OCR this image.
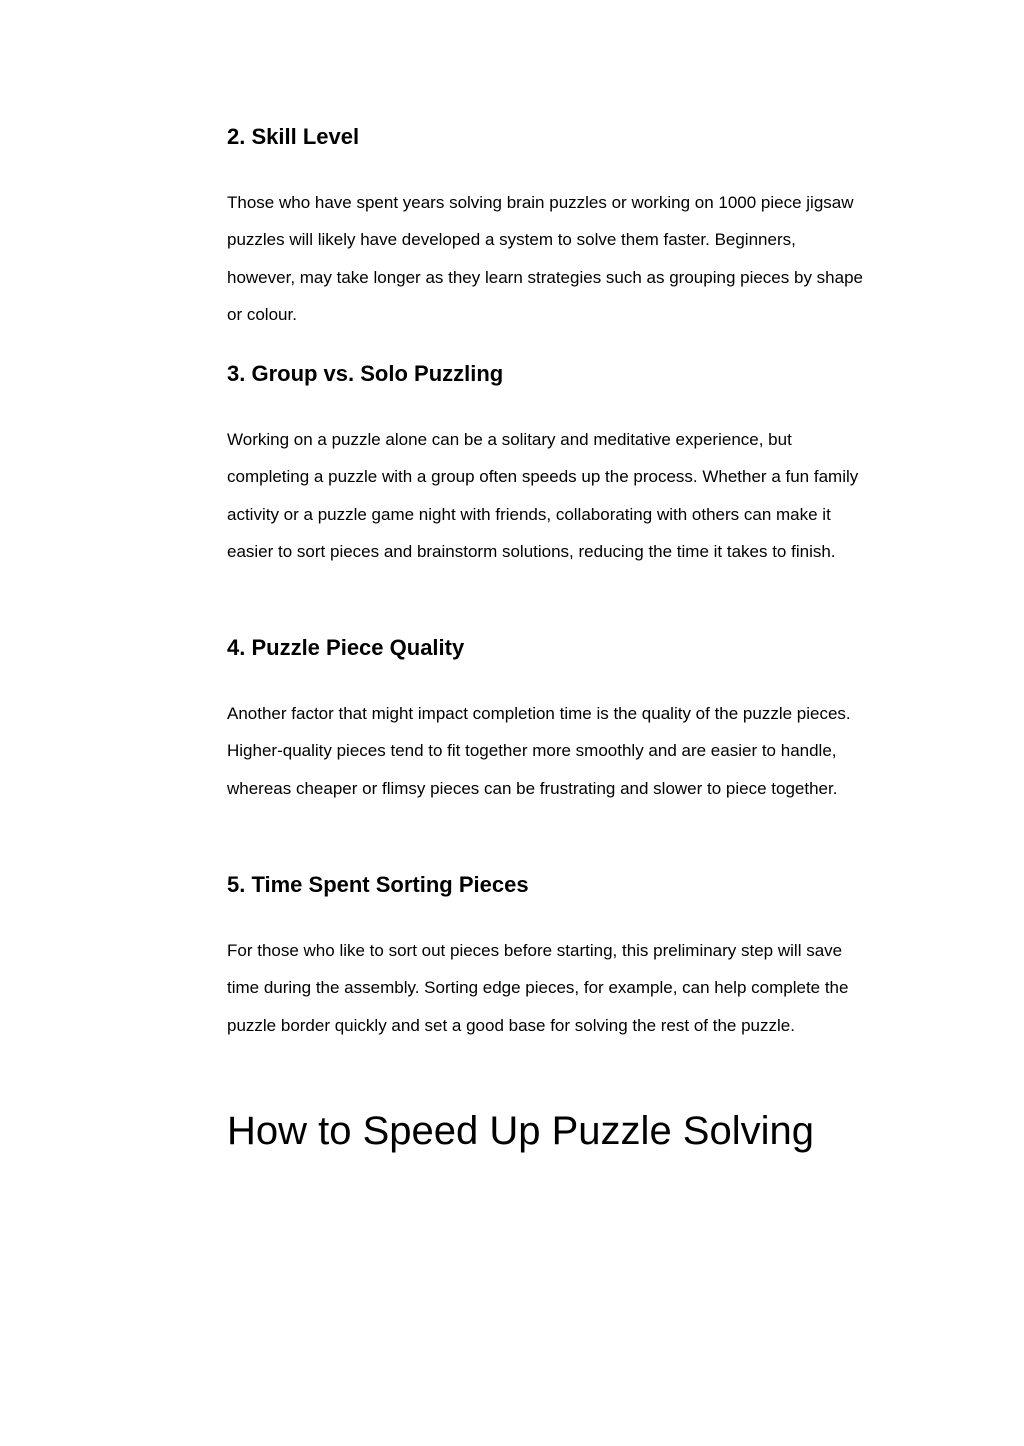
2. Skill Level

Those who have spent years solving brain puzzles or working on 1000 piece jigsaw puzzles will likely have developed a system to solve them faster. Beginners, however, may take longer as they learn strategies such as grouping pieces by shape or colour.

3. Group vs. Solo Puzzling

Working on a puzzle alone can be a solitary and meditative experience, but completing a puzzle with a group often speeds up the process. Whether a fun family activity or a puzzle game night with friends, collaborating with others can make it easier to sort pieces and brainstorm solutions, reducing the time it takes to finish.

4. Puzzle Piece Quality

Another factor that might impact completion time is the quality of the puzzle pieces. Higher-quality pieces tend to fit together more smoothly and are easier to handle, whereas cheaper or flimsy pieces can be frustrating and slower to piece together.

5. Time Spent Sorting Pieces

For those who like to sort out pieces before starting, this preliminary step will save time during the assembly. Sorting edge pieces, for example, can help complete the puzzle border quickly and set a good base for solving the rest of the puzzle.

How to Speed Up Puzzle Solving
